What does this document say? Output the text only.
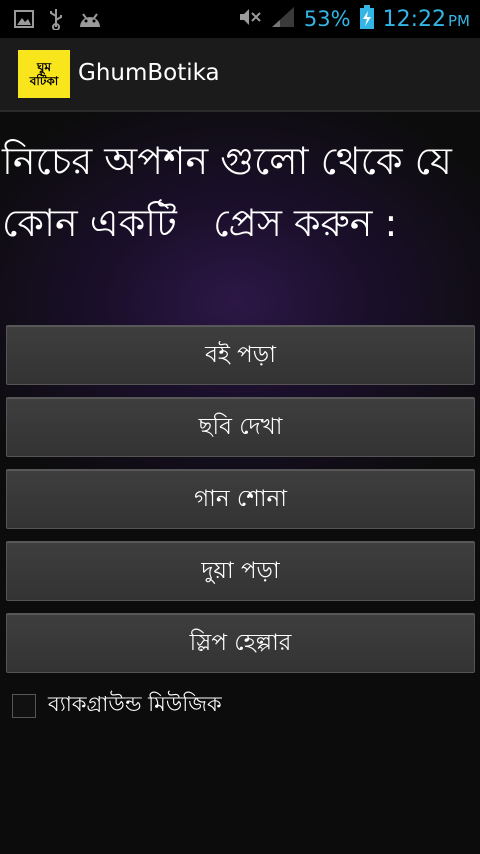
53% 12:22 PM
ঘুম
বটিকা GhumBotika
নিচের অপশন গুলো থেকে যে কোন একটি   প্রেস করুন :
বই পড়া
ছবি দেখা
গান শোনা
দুয়া পড়া
স্লিপ হেল্পার
ব্যাকগ্রাউন্ড মিউজিক
